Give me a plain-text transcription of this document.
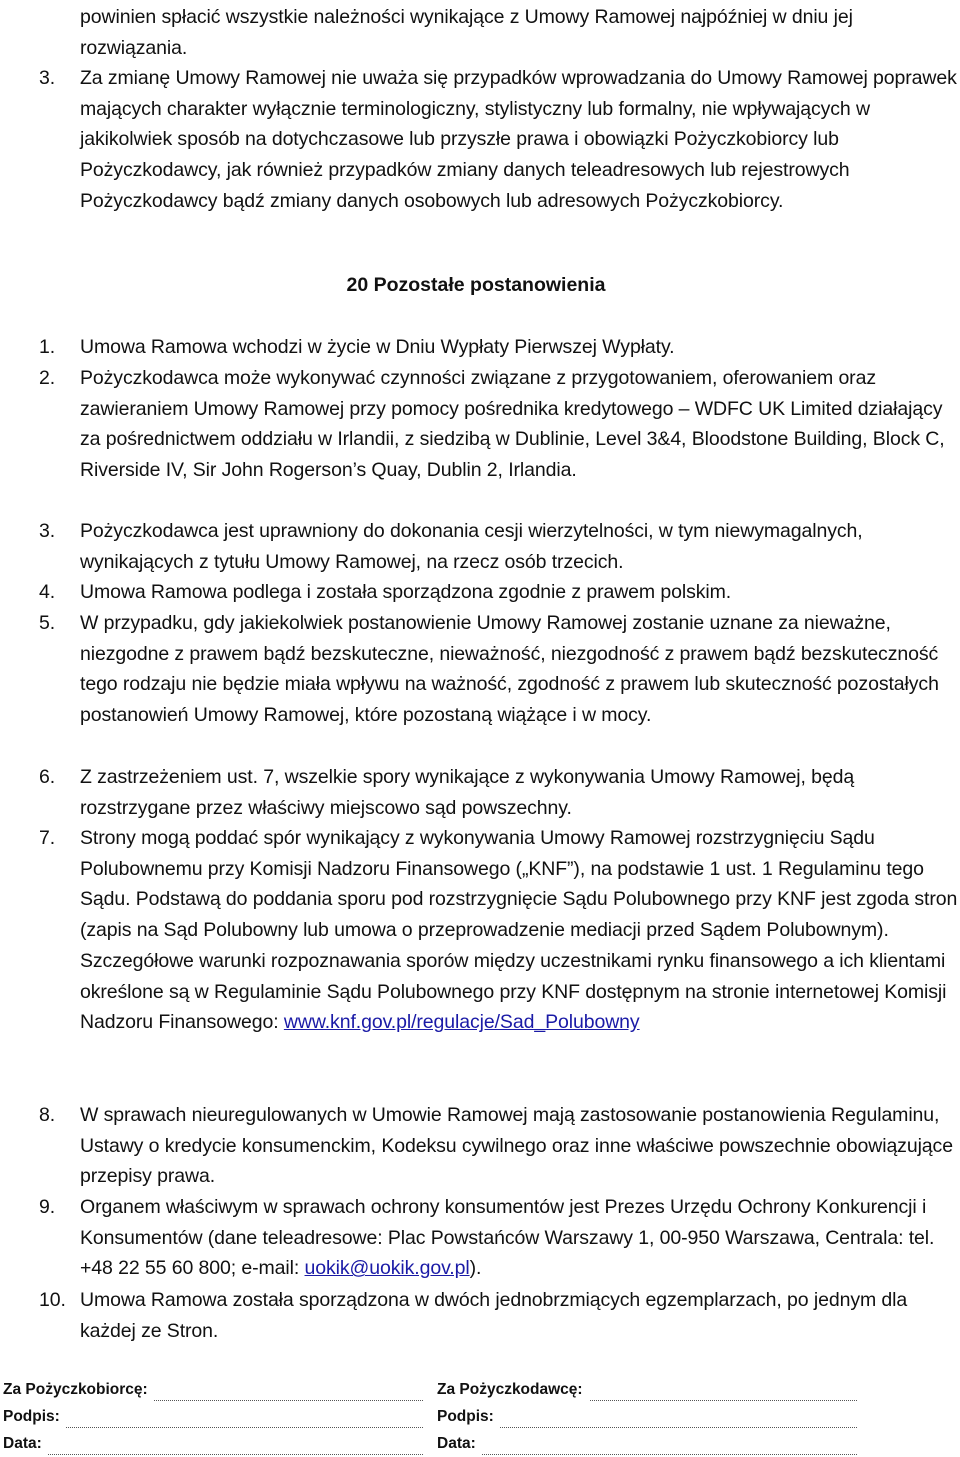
powinien spłacić wszystkie należności wynikające z Umowy Ramowej najpóźniej w dniu jej rozwiązania.
3. Za zmianę Umowy Ramowej nie uważa się przypadków wprowadzania do Umowy Ramowej poprawek mających charakter wyłącznie terminologiczny, stylistyczny lub formalny, nie wpływających w jakikolwiek sposób na dotychczasowe lub przyszłe prawa i obowiązki Pożyczkobiorcy lub Pożyczkodawcy, jak również przypadków zmiany danych teleadresowych lub rejestrowych Pożyczkodawcy bądź zmiany danych osobowych lub adresowych Pożyczkobiorcy.
20 Pozostałe postanowienia
1. Umowa Ramowa wchodzi w życie w Dniu Wypłaty Pierwszej Wypłaty.
2. Pożyczkodawca może wykonywać czynności związane z przygotowaniem, oferowaniem oraz zawieraniem Umowy Ramowej przy pomocy pośrednika kredytowego – WDFC UK Limited działający za pośrednictwem oddziału w Irlandii, z siedzibą w Dublinie, Level 3&4, Bloodstone Building, Block C, Riverside IV, Sir John Rogerson’s Quay, Dublin 2, Irlandia.
3. Pożyczkodawca jest uprawniony do dokonania cesji wierzytelności, w tym niewymagalnych, wynikających z tytułu Umowy Ramowej, na rzecz osób trzecich.
4. Umowa Ramowa podlega i została sporządzona zgodnie z prawem polskim.
5. W przypadku, gdy jakiekolwiek postanowienie Umowy Ramowej zostanie uznane za nieważne, niezgodne z prawem bądź bezskuteczne, nieważność, niezgodność z prawem bądź bezskuteczność tego rodzaju nie będzie miała wpływu na ważność, zgodność z prawem lub skuteczność pozostałych postanowień Umowy Ramowej, które pozostaną wiążące i w mocy.
6. Z zastrzeżeniem ust. 7, wszelkie spory wynikające z wykonywania Umowy Ramowej, będą rozstrzygane przez właściwy miejscowo sąd powszechny.
7. Strony mogą poddać spór wynikający z wykonywania Umowy Ramowej rozstrzygnięciu Sądu Polubownemu przy Komisji Nadzoru Finansowego („KNF”), na podstawie 1 ust. 1 Regulaminu tego Sądu. Podstawą do poddania sporu pod rozstrzygnięcie Sądu Polubownego przy KNF jest zgoda stron (zapis na Sąd Polubowny lub umowa o przeprowadzenie mediacji przed Sądem Polubownym). Szczegółowe warunki rozpoznawania sporów między uczestnikami rynku finansowego a ich klientami określone są w Regulaminie Sądu Polubownego przy KNF dostępnym na stronie internetowej Komisji Nadzoru Finansowego: www.knf.gov.pl/regulacje/Sad_Polubowny
8. W sprawach nieuregulowanych w Umowie Ramowej mają zastosowanie postanowienia Regulaminu, Ustawy o kredycie konsumenckim, Kodeksu cywilnego oraz inne właściwe powszechnie obowiązujące przepisy prawa.
9. Organem właściwym w sprawach ochrony konsumentów jest Prezes Urzędu Ochrony Konkurencji i Konsumentów (dane teleadresowe: Plac Powstańców Warszawy 1, 00-950 Warszawa, Centrala: tel. +48 22 55 60 800; e-mail: uokik@uokik.gov.pl).
10. Umowa Ramowa została sporządzona w dwóch jednobrzmiących egzemplarzach, po jednym dla każdej ze Stron.
Za Pożyczkobiorcę:
Podpis:
Data:
Za Pożyczkodawcę:
Podpis:
Data:
